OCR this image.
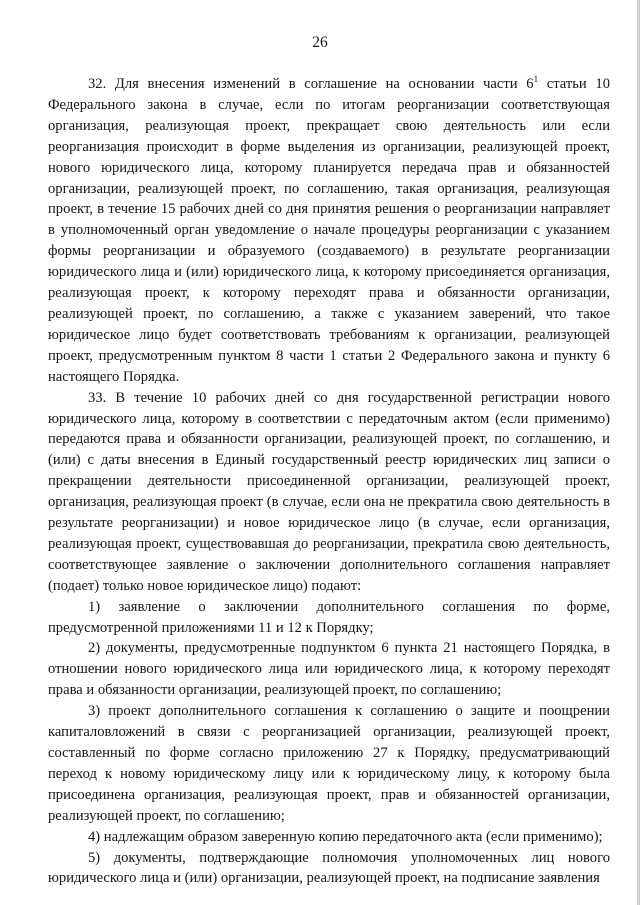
26

32. Для внесения изменений в соглашение на основании части $6^1$ статьи 10 Федерального закона в случае, если по итогам реорганизации соответствующая организация, реализующая проект, прекращает свою деятельность или если реорганизация происходит в форме выделения из организации, реализующей проект, нового юридического лица, которому планируется передача прав и обязанностей организации, реализующей проект, по соглашению, такая организация, реализующая проект, в течение 15 рабочих дней со дня принятия решения о реорганизации направляет в уполномоченный орган уведомление о начале процедуры реорганизации с указанием формы реорганизации и образуемого (создаваемого) в результате реорганизации юридического лица и (или) юридического лица, к которому присоединяется организация, реализующая проект, к которому переходят права и обязанности организации, реализующей проект, по соглашению, а также с указанием заверений, что такое юридическое лицо будет соответствовать требованиям к организации, реализующей проект, предусмотренным пунктом 8 части 1 статьи 2 Федерального закона и пункту 6 настоящего Порядка.

33. В течение 10 рабочих дней со дня государственной регистрации нового юридического лица, которому в соответствии с передаточным актом (если применимо) передаются права и обязанности организации, реализующей проект, по соглашению, и (или) с даты внесения в Единый государственный реестр юридических лиц записи о прекращении деятельности присоединенной организации, реализующей проект, организация, реализующая проект (в случае, если она не прекратила свою деятельность в результате реорганизации) и новое юридическое лицо (в случае, если организация, реализующая проект, существовавшая до реорганизации, прекратила свою деятельность, соответствующее заявление о заключении дополнительного соглашения направляет (подает) только новое юридическое лицо) подают:

1) заявление о заключении дополнительного соглашения по форме, предусмотренной приложениями 11 и 12 к Порядку;

2) документы, предусмотренные подпунктом 6 пункта 21 настоящего Порядка, в отношении нового юридического лица или юридического лица, к которому переходят права и обязанности организации, реализующей проект, по соглашению;

3) проект дополнительного соглашения к соглашению о защите и поощрении капиталовложений в связи с реорганизацией организации, реализующей проект, составленный по форме согласно приложению 27 к Порядку, предусматривающий переход к новому юридическому лицу или к юридическому лицу, к которому была присоединена организация, реализующая проект, прав и обязанностей организации, реализующей проект, по соглашению;

4) надлежащим образом заверенную копию передаточного акта (если применимо);

5) документы, подтверждающие полномочия уполномоченных лиц нового юридического лица и (или) организации, реализующей проект, на подписание заявления
